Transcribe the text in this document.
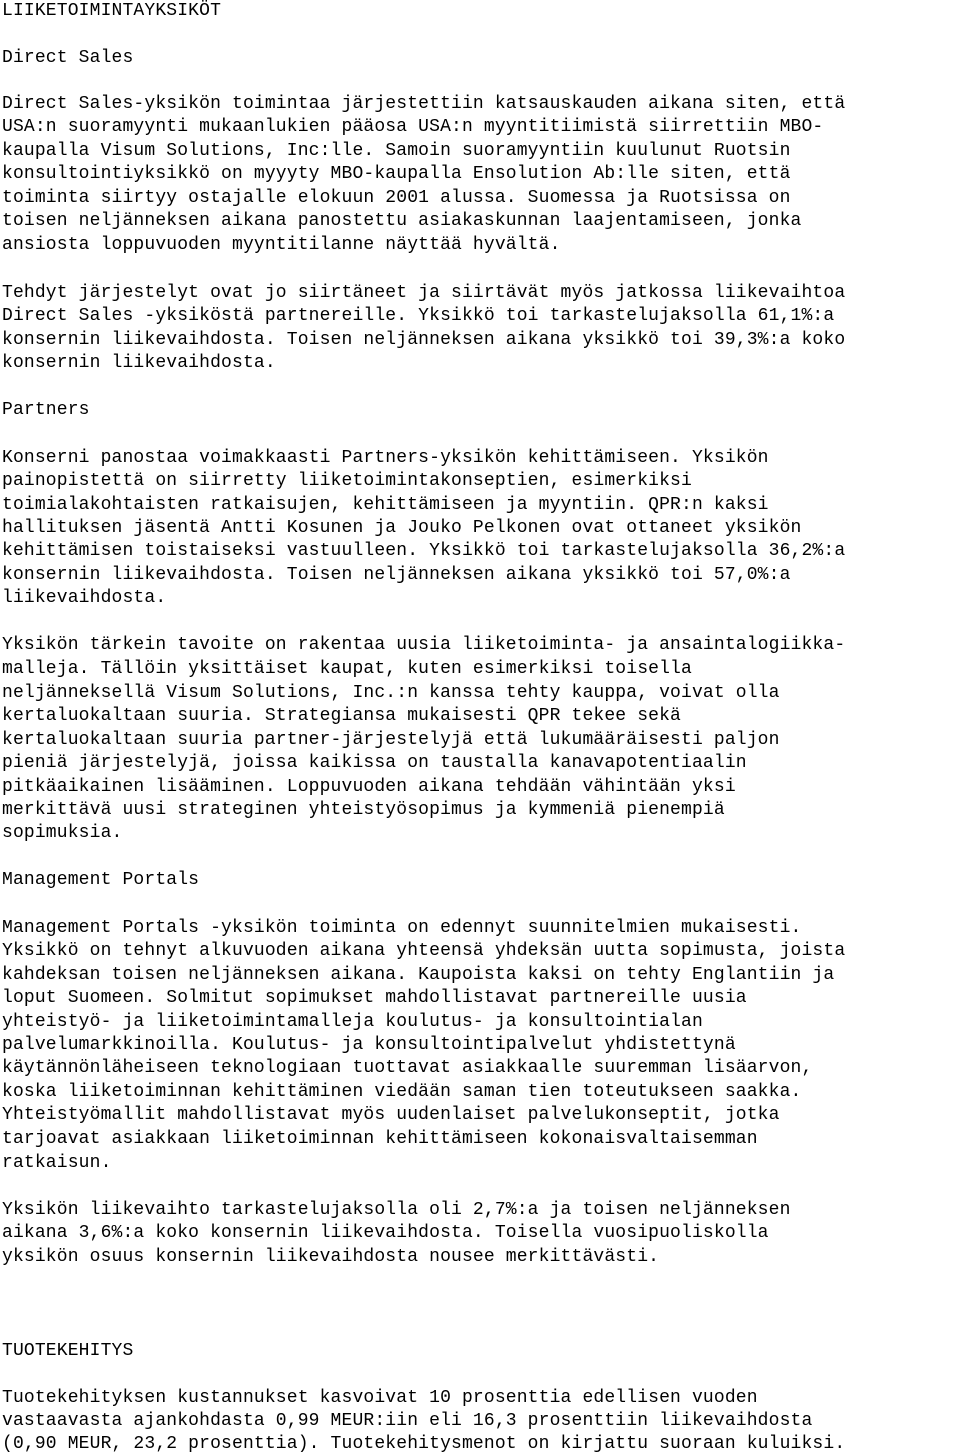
LIIKETOIMINTAYKSIKÖT
Direct Sales
Direct Sales-yksikön toimintaa järjestettiin katsauskauden aikana siten, että
USA:n suoramyynti mukaanlukien pääosa USA:n myyntitiimistä siirrettiin MBO-
kaupalla Visum Solutions, Inc:lle. Samoin suoramyyntiin kuulunut Ruotsin
konsultointiyksikkö on myyyty MBO-kaupalla Ensolution Ab:lle siten, että
toiminta siirtyy ostajalle elokuun 2001 alussa. Suomessa ja Ruotsissa on
toisen neljänneksen aikana panostettu asiakaskunnan laajentamiseen, jonka
ansiosta loppuvuoden myyntitilanne näyttää hyvältä.
Tehdyt järjestelyt ovat jo siirtäneet ja siirtävät myös jatkossa liikevaihtoa
Direct Sales -yksiköstä partnereille. Yksikkö toi tarkastelujaksolla 61,1%:a
konsernin liikevaihdosta. Toisen neljänneksen aikana yksikkö toi 39,3%:a koko
konsernin liikevaihdosta.
Partners
Konserni panostaa voimakkaasti Partners-yksikön kehittämiseen. Yksikön
painopistettä on siirretty liiketoimintakonseptien, esimerkiksi
toimialakohtaisten ratkaisujen, kehittämiseen ja myyntiin. QPR:n kaksi
hallituksen jäsentä Antti Kosunen ja Jouko Pelkonen ovat ottaneet yksikön
kehittämisen toistaiseksi vastuulleen. Yksikkö toi tarkastelujaksolla 36,2%:a
konsernin liikevaihdosta. Toisen neljänneksen aikana yksikkö toi 57,0%:a
liikevaihdosta.
Yksikön tärkein tavoite on rakentaa uusia liiketoiminta- ja ansaintalogiikka-
malleja. Tällöin yksittäiset kaupat, kuten esimerkiksi toisella
neljänneksellä Visum Solutions, Inc.:n kanssa tehty kauppa, voivat olla
kertaluokaltaan suuria. Strategiansa mukaisesti QPR tekee sekä
kertaluokaltaan suuria partner-järjestelyjä että lukumääräisesti paljon
pieniä järjestelyjä, joissa kaikissa on taustalla kanavapotentiaalin
pitkäaikainen lisääminen. Loppuvuoden aikana tehdään vähintään yksi
merkittävä uusi strateginen yhteistyösopimus ja kymmeniä pienempiä
sopimuksia.
Management Portals
Management Portals -yksikön toiminta on edennyt suunnitelmien mukaisesti.
Yksikkö on tehnyt alkuvuoden aikana yhteensä yhdeksän uutta sopimusta, joista
kahdeksan toisen neljänneksen aikana. Kaupoista kaksi on tehty Englantiin ja
loput Suomeen. Solmitut sopimukset mahdollistavat partnereille uusia
yhteistyö- ja liiketoimintamalleja koulutus- ja konsultointialan
palvelumarkkinoilla. Koulutus- ja konsultointipalvelut yhdistettynä
käytännönläheiseen teknologiaan tuottavat asiakkaalle suuremman lisäarvon,
koska liiketoiminnan kehittäminen viedään saman tien toteutukseen saakka.
Yhteistyömallit mahdollistavat myös uudenlaiset palvelukonseptit, jotka
tarjoavat asiakkaan liiketoiminnan kehittämiseen kokonaisvaltaisemman
ratkaisun.
Yksikön liikevaihto tarkastelujaksolla oli 2,7%:a ja toisen neljänneksen
aikana 3,6%:a koko konsernin liikevaihdosta. Toisella vuosipuoliskolla
yksikön osuus konsernin liikevaihdosta nousee merkittävästi.
TUOTEKEHITYS
Tuotekehityksen kustannukset kasvoivat 10 prosenttia edellisen vuoden
vastaavasta ajankohdasta 0,99 MEUR:iin eli 16,3 prosenttiin liikevaihdosta
(0,90 MEUR, 23,2 prosenttia). Tuotekehitysmenot on kirjattu suoraan kuluiksi.
